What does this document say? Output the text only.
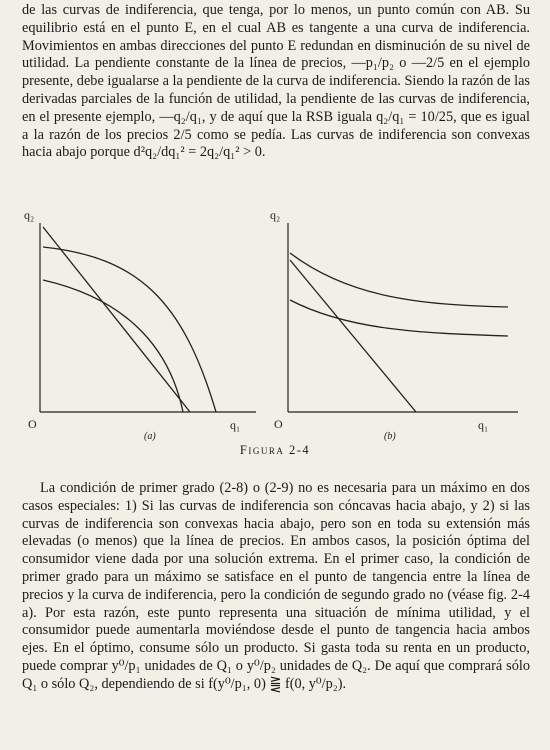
de las curvas de indiferencia, que tenga, por lo menos, un punto común con AB. Su equilibrio está en el punto E, en el cual AB es tangente a una curva de indiferencia. Movimientos en ambas direcciones del punto E redundan en disminución de su nivel de utilidad. La pendiente constante de la línea de precios, —p₁/p₂ o —2/5 en el ejemplo presente, debe igualarse a la pendiente de la curva de indiferencia. Siendo la razón de las derivadas parciales de la función de utilidad, la pendiente de las curvas de indiferencia, en el presente ejemplo, —q₂/q₁, y de aquí que la RSB iguala q₂/q₁ = 10/25, que es igual a la razón de los precios 2/5 como se pedía. Las curvas de indiferencia son convexas hacia abajo porque d²q₂/dq₁² = 2q₂/q₁² > 0.

q₂
O	q₁
(a)
q₂
O	q₁
(b)
Figura 2-4

La condición de primer grado (2-8) o (2-9) no es necesaria para un máximo en dos casos especiales: 1) Si las curvas de indiferencia son cóncavas hacia abajo, y 2) si las curvas de indiferencia son convexas hacia abajo, pero son en toda su extensión más elevadas (o menos) que la línea de precios. En ambos casos, la posición óptima del consumidor viene dada por una solución extrema. En el primer caso, la condición de primer grado para un máximo se satisface en el punto de tangencia entre la línea de precios y la curva de indiferencia, pero la condición de segundo grado no (véase fig. 2-4 a). Por esta razón, este punto representa una situación de mínima utilidad, y el consumidor puede aumentarla moviéndose desde el punto de tangencia hacia ambos ejes. En el óptimo, consume sólo un producto. Si gasta toda su renta en un producto, puede comprar y⁰/p₁ unidades de Q₁ o y⁰/p₂ unidades de Q₂. De aquí que comprará sólo Q₁ o sólo Q₂, dependiendo de si f(y⁰/p₁, 0) ⪌ f(0, y⁰/p₂).
